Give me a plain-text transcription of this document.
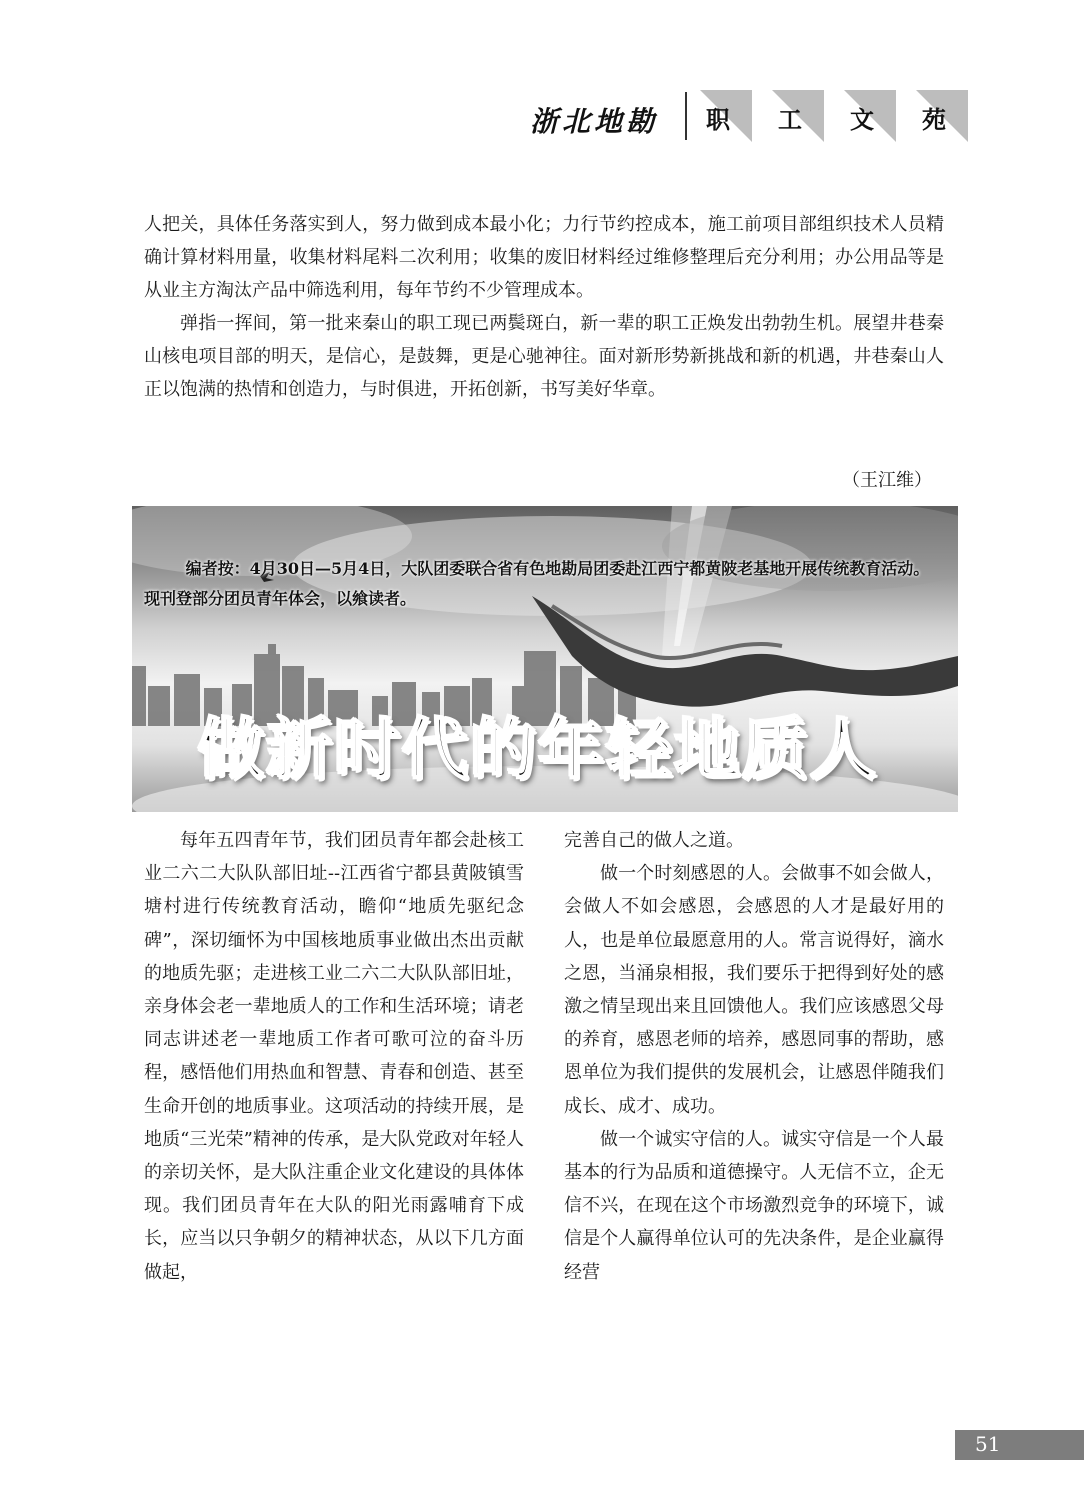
浙北地勘 职 工 文 苑

人把关，具体任务落实到人，努力做到成本最小化；力行节约控成本，施工前项目部组织技术人员精确计算材料用量，收集材料尾料二次利用；收集的废旧材料经过维修整理后充分利用；办公用品等是从业主方淘汰产品中筛选利用，每年节约不少管理成本。

弹指一挥间，第一批来秦山的职工现已两鬓斑白，新一辈的职工正焕发出勃勃生机。展望井巷秦山核电项目部的明天，是信心，是鼓舞，更是心驰神往。面对新形势新挑战和新的机遇，井巷秦山人正以饱满的热情和创造力，与时俱进，开拓创新，书写美好华章。

（王江维）
编者按：4月30日—5月4日，大队团委联合省有色地勘局团委赴江西宁都黄陂老基地开展传统教育活动。现刊登部分团员青年体会，以飨读者。
做新时代的年轻地质人

每年五四青年节，我们团员青年都会赴核工业二六二大队队部旧址--江西省宁都县黄陂镇雪塘村进行传统教育活动，瞻仰“地质先驱纪念碑”，深切缅怀为中国核地质事业做出杰出贡献的地质先驱；走进核工业二六二大队队部旧址，亲身体会老一辈地质人的工作和生活环境；请老同志讲述老一辈地质工作者可歌可泣的奋斗历程，感悟他们用热血和智慧、青春和创造、甚至生命开创的地质事业。这项活动的持续开展，是地质“三光荣”精神的传承，是大队党政对年轻人的亲切关怀，是大队注重企业文化建设的具体体现。我们团员青年在大队的阳光雨露哺育下成长，应当以只争朝夕的精神状态，从以下几方面做起，

完善自己的做人之道。

做一个时刻感恩的人。会做事不如会做人，会做人不如会感恩，会感恩的人才是最好用的人，也是单位最愿意用的人。常言说得好，滴水之恩，当涌泉相报，我们要乐于把得到好处的感激之情呈现出来且回馈他人。我们应该感恩父母的养育，感恩老师的培养，感恩同事的帮助，感恩单位为我们提供的发展机会，让感恩伴随我们成长、成才、成功。

做一个诚实守信的人。诚实守信是一个人最基本的行为品质和道德操守。人无信不立，企无信不兴，在现在这个市场激烈竞争的环境下，诚信是个人赢得单位认可的先决条件，是企业赢得经营

51
